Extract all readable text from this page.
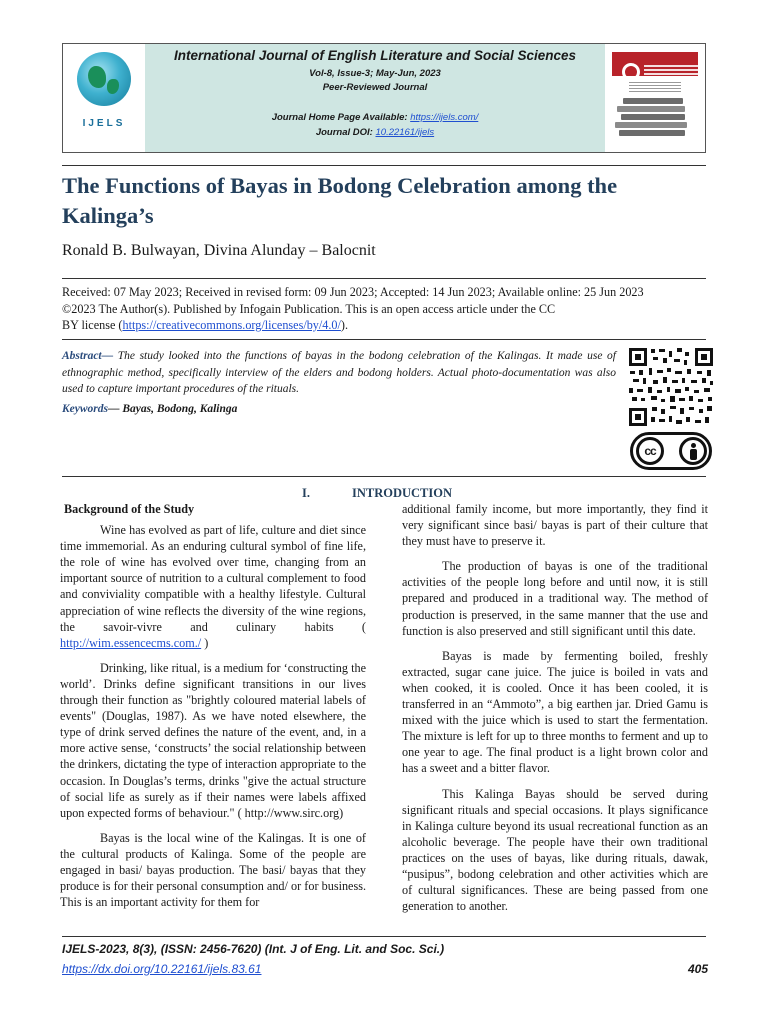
IJELS
International Journal of English Literature and Social Sciences
Vol-8, Issue-3; May-Jun, 2023
Peer-Reviewed Journal
Journal Home Page Available: https://ijels.com/
Journal DOI: 10.22161/ijels
The Functions of Bayas in Bodong Celebration among the Kalinga’s
Ronald B. Bulwayan, Divina Alunday – Balocnit
Received: 07 May 2023; Received in revised form: 09 Jun 2023; Accepted: 14 Jun 2023; Available online: 25 Jun 2023
©2023 The Author(s). Published by Infogain Publication. This is an open access article under the CC
BY license (https://creativecommons.org/licenses/by/4.0/).
Abstract— The study looked into the functions of bayas in the bodong celebration of the Kalingas. It made use of ethnographic method, specifically interview of the elders and bodong holders. Actual photo-documentation was also used to capture important procedures of the rituals.
Keywords— Bayas, Bodong, Kalinga
cc
I.	INTRODUCTION
Background of the Study

Wine has evolved as part of life, culture and diet since time immemorial. As an enduring cultural symbol of fine life, the role of wine has evolved over time, changing from an important source of nutrition to a cultural complement to food and conviviality compatible with a healthy lifestyle. Cultural appreciation of wine reflects the diversity of the wine regions, the savoir-vivre and culinary habits ( http://wim.essencecms.com./ )

Drinking, like ritual, is a medium for ‘constructing the world’. Drinks define significant transitions in our lives through their function as "brightly coloured material labels of events" (Douglas, 1987). As we have noted elsewhere, the type of drink served defines the nature of the event, and, in a more active sense, ‘constructs’ the social relationship between the drinkers, dictating the type of interaction appropriate to the occasion. In Douglas’s terms, drinks "give the actual structure of social life as surely as if their names were labels affixed upon expected forms of behaviour." ( http://www.sirc.org)

Bayas is the local wine of the Kalingas. It is one of the cultural products of Kalinga. Some of the people are engaged in basi/ bayas production. The basi/ bayas that they produce is for their personal consumption and/ or for business. This is an important activity for them for

additional family income, but more importantly, they find it very significant since basi/ bayas is part of their culture that they must have to preserve it.

The production of bayas is one of the traditional activities of the people long before and until now, it is still prepared and produced in a traditional way. The method of production is preserved, in the same manner that the use and function is also preserved and still significant until this date.

Bayas is made by fermenting boiled, freshly extracted, sugar cane juice. The juice is boiled in vats and when cooked, it is cooled. Once it has been cooled, it is transferred in an “Ammoto”, a big earthen jar. Dried Gamu is mixed with the juice which is used to start the fermentation. The mixture is left for up to three months to ferment and up to one year to age. The final product is a light brown color and has a sweet and a bitter flavor.

This Kalinga Bayas should be served during significant rituals and special occasions. It plays significance in Kalinga culture beyond its usual recreational function as an alcoholic beverage. The people have their own traditional practices on the uses of bayas, like during rituals, dawak, “pusipus”, bodong celebration and other activities which are of cultural significances. These are being passed from one generation to another.

IJELS-2023, 8(3), (ISSN: 2456-7620) (Int. J of Eng. Lit. and Soc. Sci.)
https://dx.doi.org/10.22161/ijels.83.61	405
